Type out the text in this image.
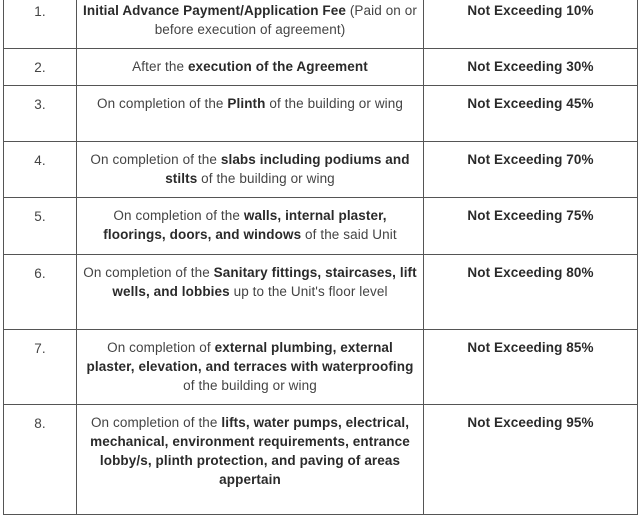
1.	Initial Advance Payment/Application Fee (Paid on or before execution of agreement)	Not Exceeding 10%
2.	After the execution of the Agreement	Not Exceeding 30%
3.	On completion of the Plinth of the building or wing	Not Exceeding 45%
4.	On completion of the slabs including podiums and stilts of the building or wing	Not Exceeding 70%
5.	On completion of the walls, internal plaster, floorings, doors, and windows of the said Unit	Not Exceeding 75%
6.	On completion of the Sanitary fittings, staircases, lift wells, and lobbies up to the Unit's floor level	Not Exceeding 80%
7.	On completion of external plumbing, external plaster, elevation, and terraces with waterproofing of the building or wing	Not Exceeding 85%
8.	On completion of the lifts, water pumps, electrical, mechanical, environment requirements, entrance lobby/s, plinth protection, and paving of areas appertain	Not Exceeding 95%
